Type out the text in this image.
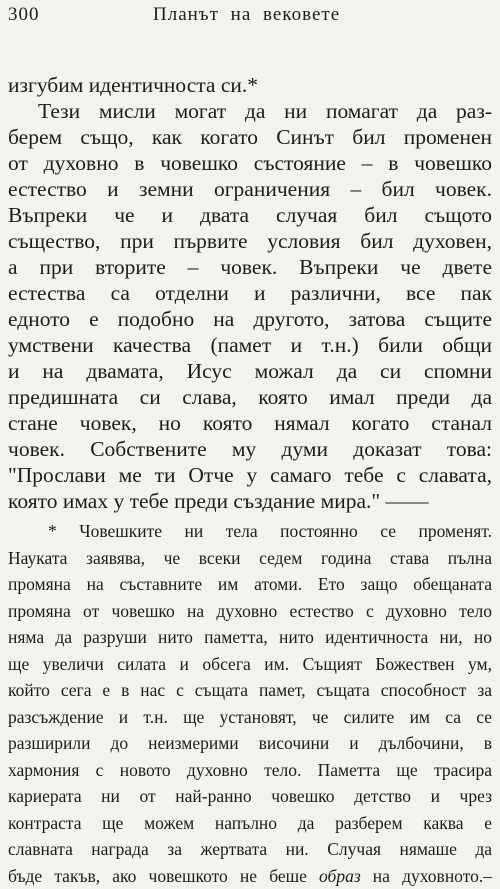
300	Планът на вековете
изгубим идентичноста си.*
Тези мисли могат да ни помагат да раз-
берем също, как когато Синът бил променен
от духовно в човешко състояние – в човешко
естество и земни ограничения – бил човек.
Въпреки че и двата случая бил същото
същество, при първите условия бил духовен,
а при вторите – човек. Въпреки че двете
естества са отделни и различни, все пак
едното е подобно на другото, затова същите
умствени качества (памет и т.н.) били общи
и на двамата, Исус можал да си спомни
предишната си слава, която имал преди да
стане човек, но която нямал когато станал
човек. Собствените му думи доказат това:
"Прослави ме ти Отче у самаго тебе с славата,
която имах у тебе преди създание мира." ——
* Човешките ни тела постоянно се променят.
Науката заявява, че всеки седем година става пълна
промяна на съставните им атоми. Ето защо обещаната
промяна от човешко на духовно естество с духовно тело
няма да разруши нито паметта, нито идентичноста ни, но
ще увеличи силата и обсега им. Същият Божествен ум,
който сега е в нас с същата памет, същата способност за
разсъждение и т.н. ще установят, че силите им са се
разширили до неизмерими височини и дълбочини, в
хармония с новото духовно тело. Паметта ще трасира
кариерата ни от най-ранно човешко детство и чрез
контраста ще можем напълно да разберем каква е
славната награда за жертвата ни. Случая нямаше да
бъде такъв, ако човешкото не беше образ на духовното.–
